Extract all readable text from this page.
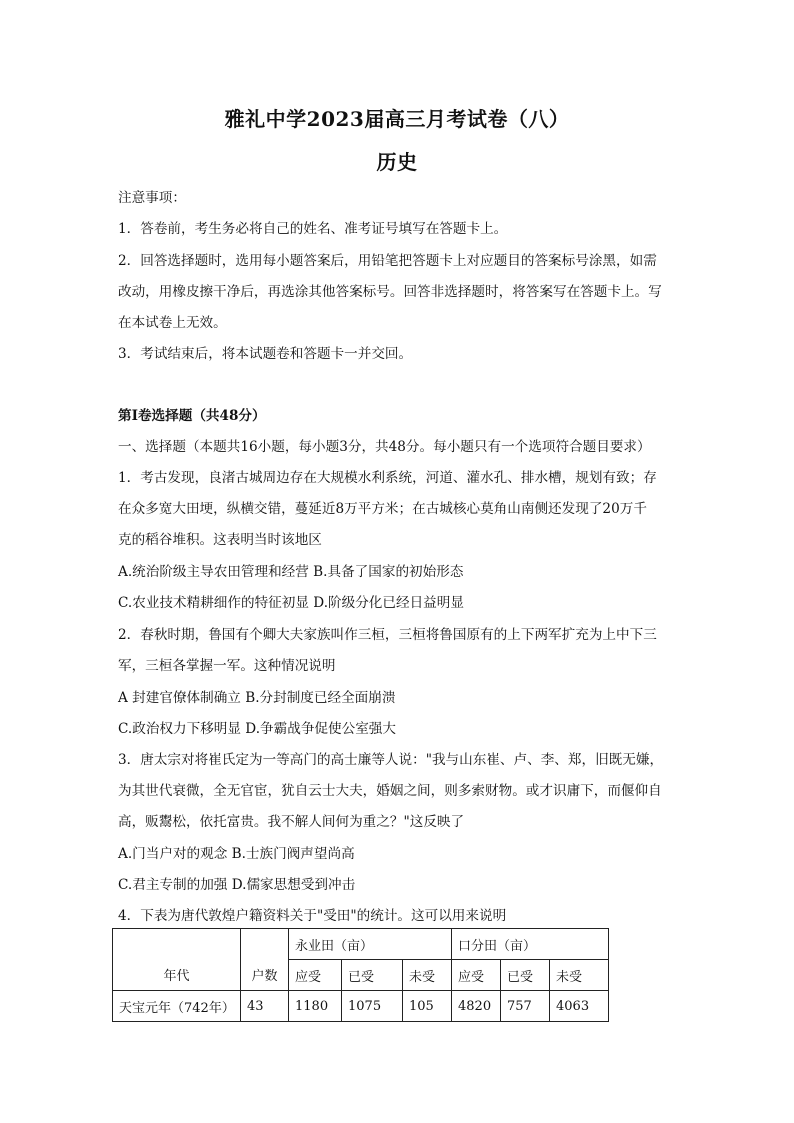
雅礼中学2023届高三月考试卷（八）
历史
注意事项：
1．答卷前，考生务必将自己的姓名、准考证号填写在答题卡上。
2．回答选择题时，选用每小题答案后，用铅笔把答题卡上对应题目的答案标号涂黑，如需
改动，用橡皮擦干净后，再选涂其他答案标号。回答非选择题时，将答案写在答题卡上。写
在本试卷上无效。
3．考试结束后，将本试题卷和答题卡一并交回。
第Ⅰ卷选择题（共48分）
一、选择题（本题共16小题，每小题3分，共48分。每小题只有一个选项符合题目要求）
1．考古发现，良渚古城周边存在大规模水利系统，河道、灌水孔、排水槽，规划有致；存
在众多宽大田埂，纵横交错，蔓延近8万平方米；在古城核心莫角山南侧还发现了20万千
克的稻谷堆积。这表明当时该地区
A.统治阶级主导农田管理和经营 B.具备了国家的初始形态
C.农业技术精耕细作的特征初显 D.阶级分化已经日益明显
2．春秋时期，鲁国有个卿大夫家族叫作三桓，三桓将鲁国原有的上下两军扩充为上中下三
军，三桓各掌握一军。这种情况说明
A 封建官僚体制确立 B.分封制度已经全面崩溃
C.政治权力下移明显 D.争霸战争促使公室强大
3．唐太宗对将崔氏定为一等高门的高士廉等人说："我与山东崔、卢、李、郑，旧既无嫌，
为其世代衰微，全无官宦，犹自云士大夫，婚姻之间，则多索财物。或才识庸下，而偃仰自
高，贩鬻松，依托富贵。我不解人间何为重之？"这反映了
A.门当户对的观念 B.士族门阀声望尚高
C.君主专制的加强 D.儒家思想受到冲击
4．下表为唐代敦煌户籍资料关于"受田"的统计。这可以用来说明
年代	户数	永业田（亩）			口分田（亩）		
		应受	已受	未受	应受	已受	未受
天宝元年（742年）	43	1180	1075	105	4820	757	4063
